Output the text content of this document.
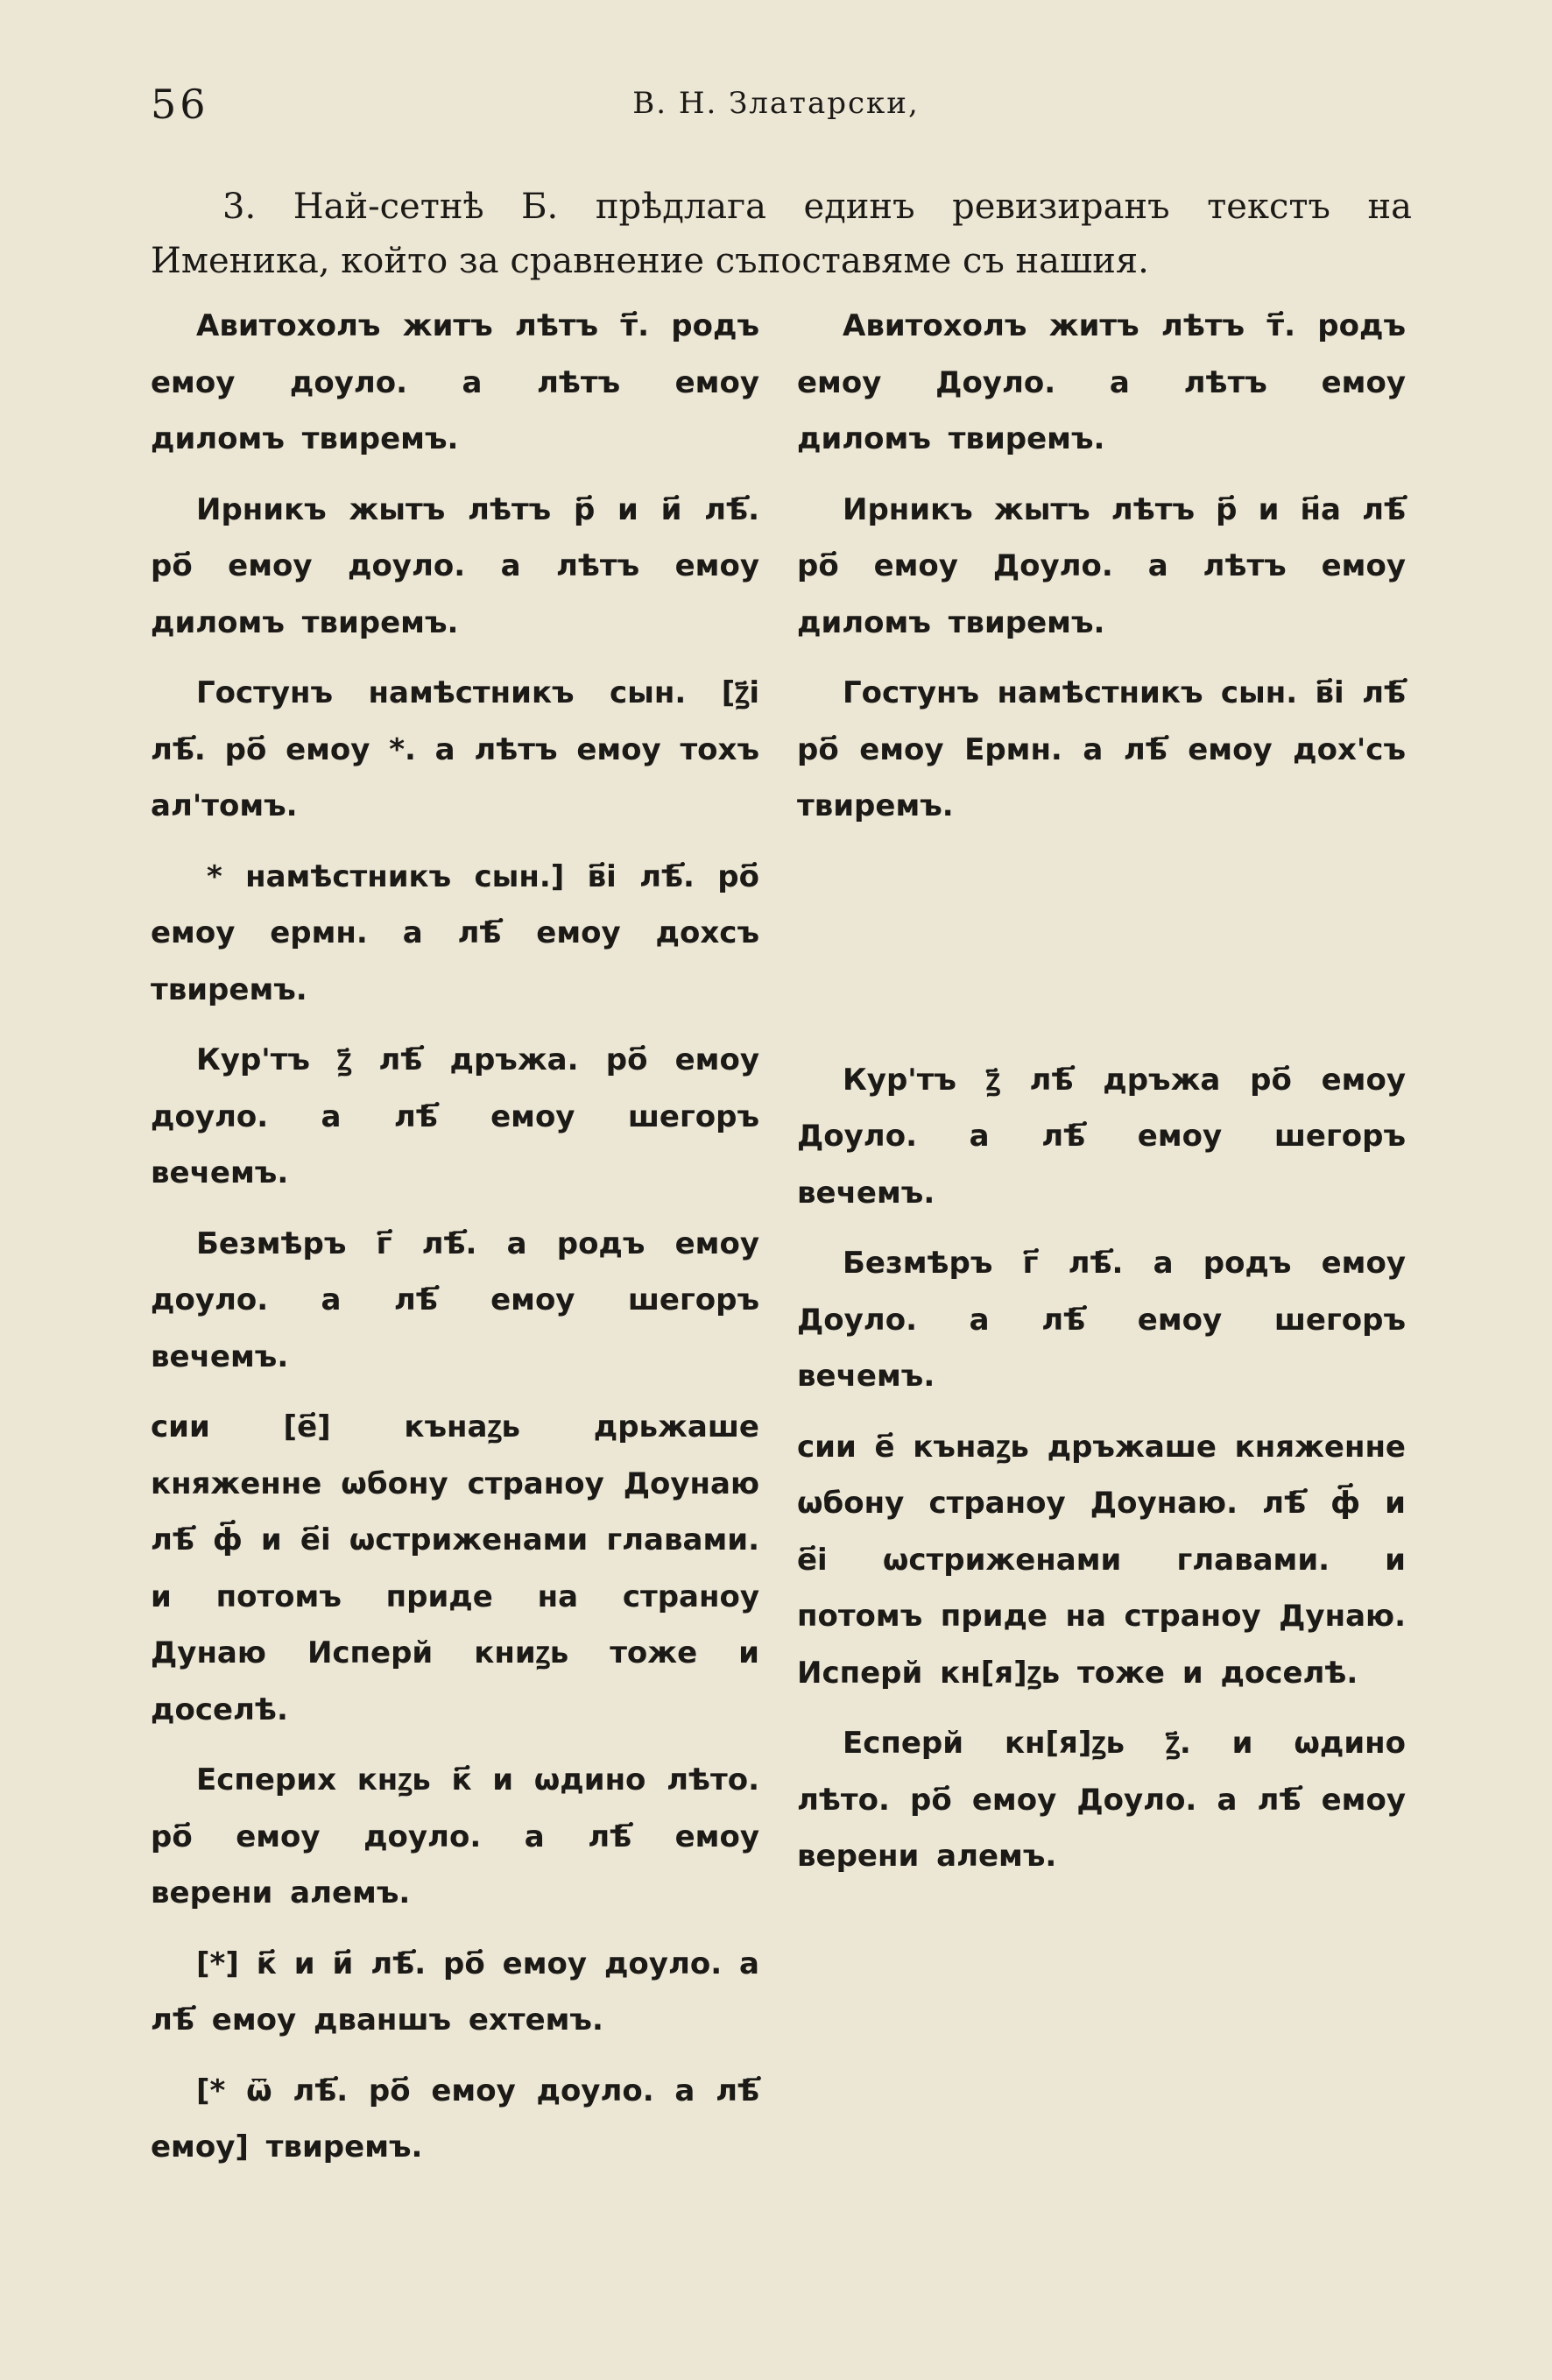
56	В. Н. Златарски,

3. Най-сетнѣ Б. прѣдлага единъ ревизиранъ текстъ на Именика, който за сравнение съпоставяме съ нашия.

Авитохолъ житъ лѣтъ т҃. родъ емоу доуло. а лѣтъ емоу диломъ твиремъ.

Ирникъ жытъ лѣтъ р҃ и и҃ лѣ҃. ро҃ емоу доуло. а лѣтъ емоу диломъ твиремъ.

Гостунъ намѣстникъ сын. [ꙁ҃і лѣ҃. ро҃ емоу *. а лѣтъ емоу тохъ ал'томъ.

* намѣстникъ сын.] в҃і лѣ҃. ро҃ емоу ермн. а лѣ҃ емоу дохсъ твиремъ.

Кур'тъ ꙁ҃ лѣ҃ дръжа. ро҃ емоу доуло. а лѣ҃ емоу шегоръ вечемъ.

Безмѣръ г҃ лѣ҃. а родъ емоу доуло. а лѣ҃ емоу шегоръ вечемъ.

сии [е҃] кънаꙁь дрьжаше княженне ѡбону страноу Доунаю лѣ҃ ф҃ и е҃і ѡстриженами главами. и потомъ приде на страноу Дунаю Исперй книꙁь тоже и доселѣ.

Еспериx кнꙁь к҃ и ѡдино лѣто. ро҃ емоу доуло. а лѣ҃ емоу верени алемъ.

[*] к҃ и и҃ лѣ҃. ро҃ емоу доуло. а лѣ҃ емоу дваншъ ехтемъ.

[* ѿ лѣ҃. ро҃ емоу доуло. а лѣ҃ емоу] твиремъ.

Авитохолъ житъ лѣтъ т҃. родъ емоу Доуло. а лѣтъ емоу диломъ твиремъ.

Ирникъ жытъ лѣтъ р҃ и н҃а лѣ҃ ро҃ емоу Доуло. а лѣтъ емоу диломъ твиремъ.

Гостунъ намѣстникъ сын. в҃і лѣ҃ ро҃ емоу Ермн. а лѣ҃ емоу дох'съ твиремъ.

Кур'тъ ꙁ҃ лѣ҃ дръжа ро҃ емоу Доуло. а лѣ҃ емоу шегоръ вечемъ.

Безмѣръ г҃ лѣ҃. а родъ емоу Доуло. а лѣ҃ емоу шегоръ вечемъ.

сии е҃ кънаꙁь дръжаше княженне ѡбону страноу Доунаю. лѣ҃ ф҃ и е҃і ѡстриженами главами. и потомъ приде на страноу Дунаю. Исперй кн[я]ꙁь тоже и доселѣ.

Есперй кн[я]ꙁь ꙁ҃. и ѡдино лѣто. ро҃ емоу Доуло. а лѣ҃ емоу верени алемъ.
